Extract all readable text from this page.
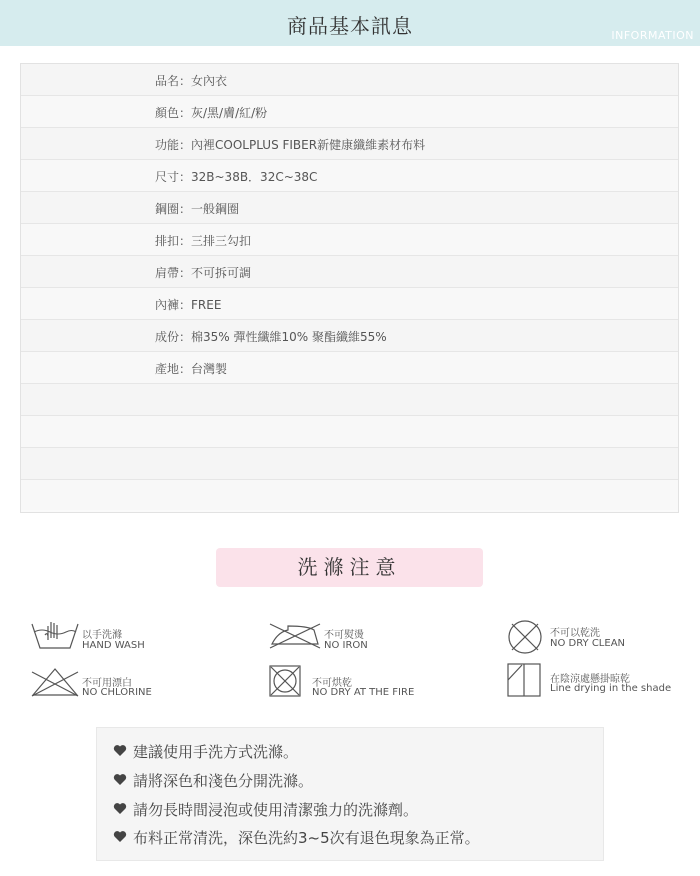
商品基本訊息	INFORMATION
品名：女內衣
顏色：灰/黑/膚/紅/粉
功能：內裡COOLPLUS FIBER新健康纖維素材布料
尺寸：32B~38B．32C~38C
鋼圈：一般鋼圈
排扣：三排三勾扣
肩帶：不可拆可調
內褲：FREE
成份：棉35% 彈性纖維10% 聚酯纖維55%
產地：台灣製
洗滌注意
以手洗滌
HAND WASH
不可熨燙
NO IRON
不可以乾洗
NO DRY CLEAN
不可用漂白
NO CHLORINE
不可烘乾
NO DRY AT THE FIRE
在陰涼處懸掛晾乾
Line drying in the shade
建議使用手洗方式洗滌。
請將深色和淺色分開洗滌。
請勿長時間浸泡或使用清潔強力的洗滌劑。
布料正常清洗，深色洗約3~5次有退色現象為正常。
